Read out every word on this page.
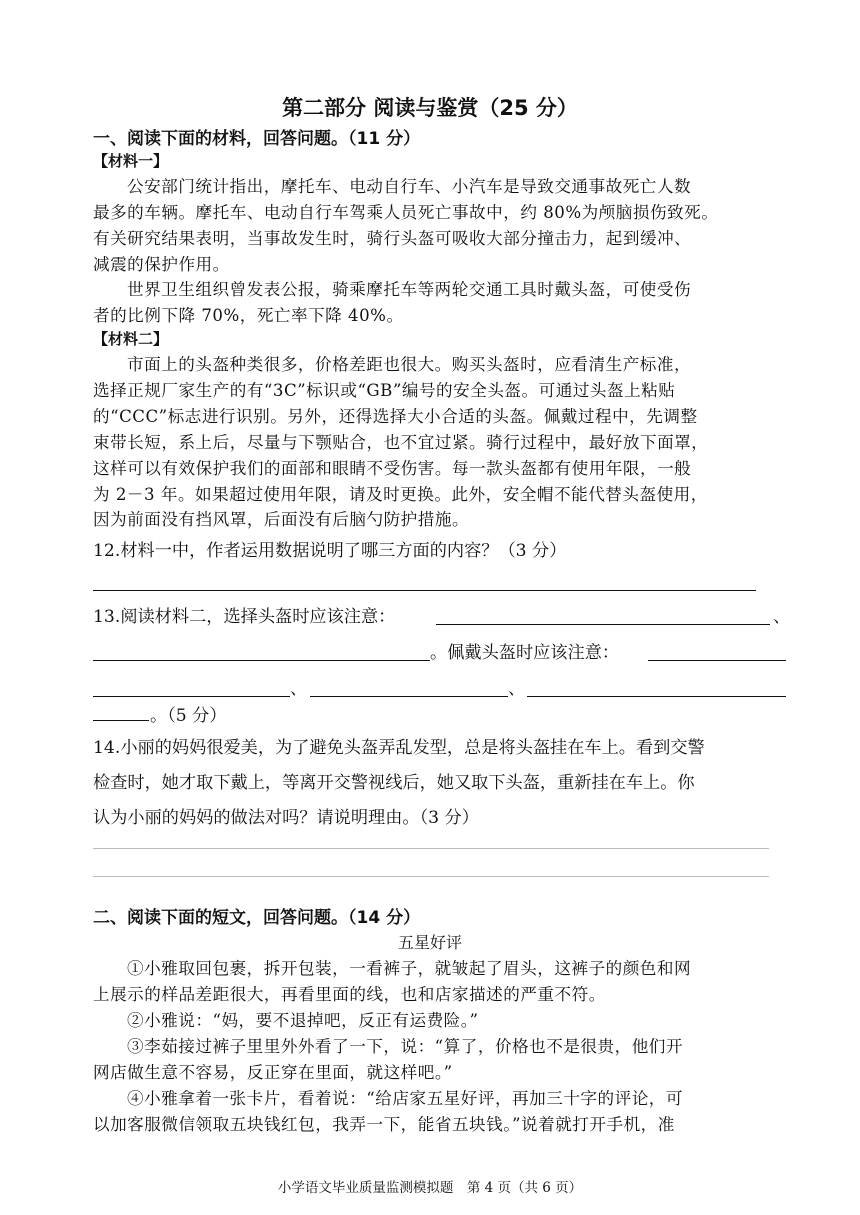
第二部分 阅读与鉴赏（25 分）
一、阅读下面的材料，回答问题。（11 分）
【材料一】
公安部门统计指出，摩托车、电动自行车、小汽车是导致交通事故死亡人数
最多的车辆。摩托车、电动自行车驾乘人员死亡事故中，约 80%为颅脑损伤致死。
有关研究结果表明，当事故发生时，骑行头盔可吸收大部分撞击力，起到缓冲、
减震的保护作用。
世界卫生组织曾发表公报，骑乘摩托车等两轮交通工具时戴头盔，可使受伤
者的比例下降 70%，死亡率下降 40%。
【材料二】
市面上的头盔种类很多，价格差距也很大。购买头盔时，应看清生产标准，
选择正规厂家生产的有“3C”标识或“GB”编号的安全头盔。可通过头盔上粘贴
的“CCC”标志进行识别。另外，还得选择大小合适的头盔。佩戴过程中，先调整
束带长短，系上后，尽量与下颚贴合，也不宜过紧。骑行过程中，最好放下面罩，
这样可以有效保护我们的面部和眼睛不受伤害。每一款头盔都有使用年限，一般
为 2－3 年。如果超过使用年限，请及时更换。此外，安全帽不能代替头盔使用，
因为前面没有挡风罩，后面没有后脑勺防护措施。
12.材料一中，作者运用数据说明了哪三方面的内容？（3 分）
13.阅读材料二，选择头盔时应该注意：	、
。佩戴头盔时应该注意：
、	、
。（5 分）
14.小丽的妈妈很爱美，为了避免头盔弄乱发型，总是将头盔挂在车上。看到交警
检查时，她才取下戴上，等离开交警视线后，她又取下头盔，重新挂在车上。你
认为小丽的妈妈的做法对吗？请说明理由。（3 分）
二、阅读下面的短文，回答问题。（14 分）
五星好评
①小雅取回包裹，拆开包装，一看裤子，就皱起了眉头，这裤子的颜色和网
上展示的样品差距很大，再看里面的线，也和店家描述的严重不符。
②小雅说：“妈，要不退掉吧，反正有运费险。”
③李茹接过裤子里里外外看了一下，说：“算了，价格也不是很贵，他们开
网店做生意不容易，反正穿在里面，就这样吧。”
④小雅拿着一张卡片，看着说：“给店家五星好评，再加三十字的评论，可
以加客服微信领取五块钱红包，我弄一下，能省五块钱。”说着就打开手机，准
小学语文毕业质量监测模拟题　第 4 页（共 6 页）
